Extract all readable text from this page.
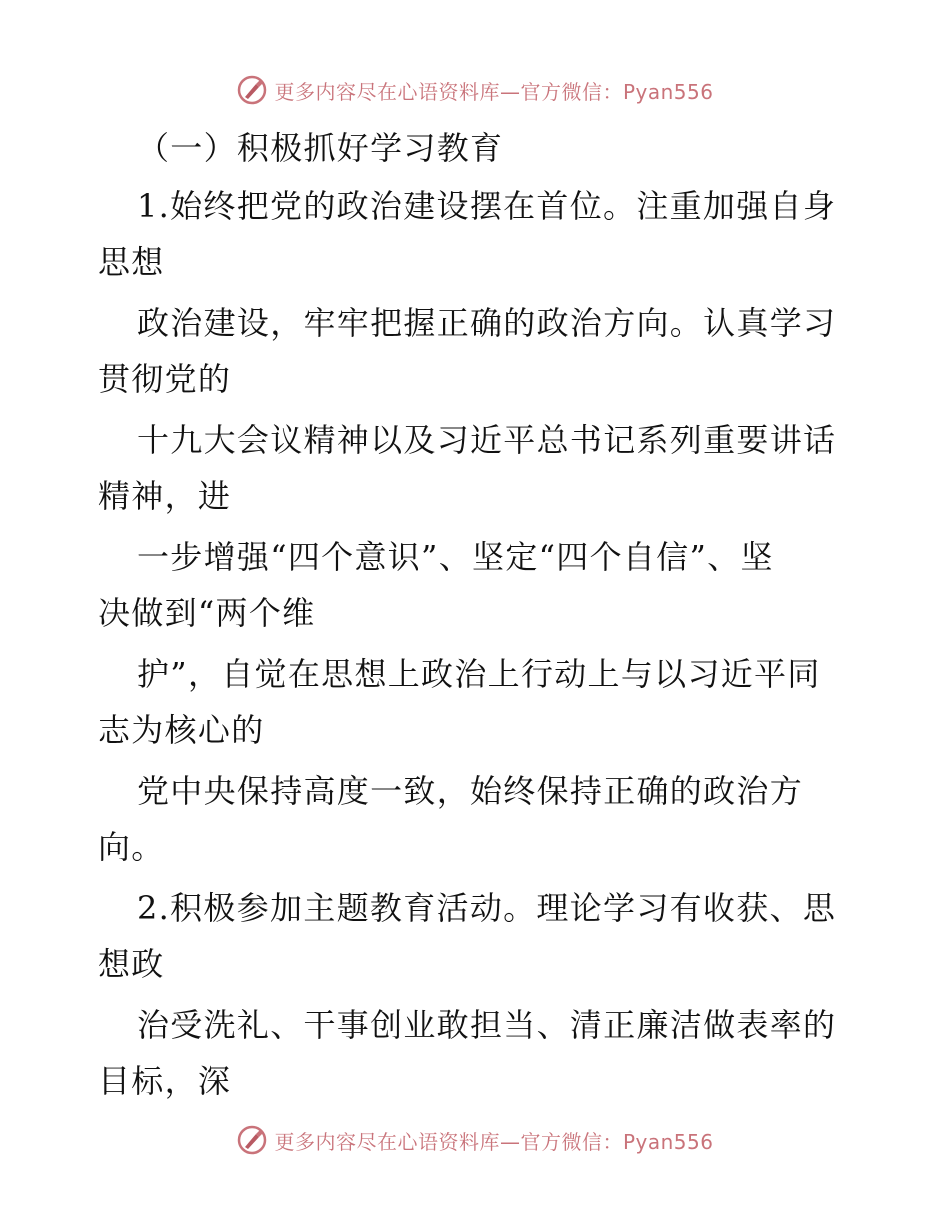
更多内容尽在心语资料库—官方微信：Pyan556
（一）积极抓好学习教育
1.始终把党的政治建设摆在首位。注重加强自身
思想
政治建设，牢牢把握正确的政治方向。认真学习
贯彻党的
十九大会议精神以及习近平总书记系列重要讲话
精神，进
一步增强“四个意识”、坚定“四个自信”、坚
决做到“两个维
护”，自觉在思想上政治上行动上与以习近平同
志为核心的
党中央保持高度一致，始终保持正确的政治方
向。
2.积极参加主题教育活动。理论学习有收获、思
想政
治受洗礼、干事创业敢担当、清正廉洁做表率的
目标，深
更多内容尽在心语资料库—官方微信：Pyan556
